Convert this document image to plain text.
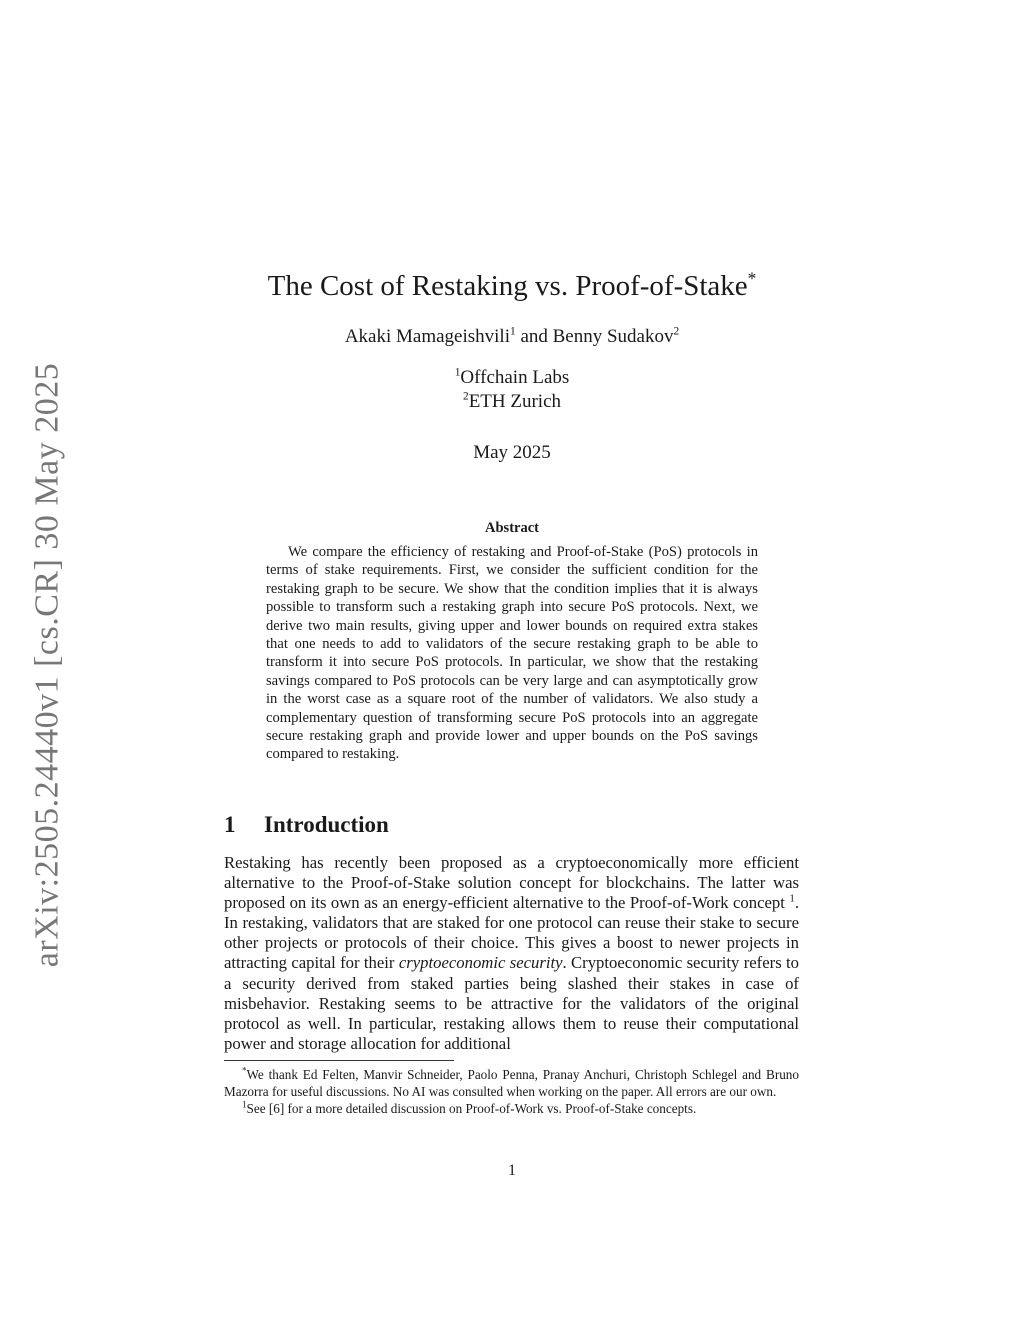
arXiv:2505.24440v1 [cs.CR] 30 May 2025
The Cost of Restaking vs. Proof-of-Stake*
Akaki Mamageishvili$^1$ and Benny Sudakov$^2$
$^1$Offchain Labs
$^2$ETH Zurich
May 2025
Abstract

We compare the efficiency of restaking and Proof-of-Stake (PoS) protocols in terms of stake requirements. First, we consider the sufficient condition for the restaking graph to be secure. We show that the condition implies that it is always possible to transform such a restaking graph into secure PoS protocols. Next, we derive two main results, giving upper and lower bounds on required extra stakes that one needs to add to validators of the secure restaking graph to be able to transform it into secure PoS protocols. In particular, we show that the restaking savings compared to PoS protocols can be very large and can asymptotically grow in the worst case as a square root of the number of validators. We also study a complementary question of transforming secure PoS protocols into an aggregate secure restaking graph and provide lower and upper bounds on the PoS savings compared to restaking.

1 Introduction

Restaking has recently been proposed as a cryptoeconomically more efficient alternative to the Proof-of-Stake solution concept for blockchains. The latter was proposed on its own as an energy-efficient alternative to the Proof-of-Work concept $^1$. In restaking, validators that are staked for one protocol can reuse their stake to secure other projects or protocols of their choice. This gives a boost to newer projects in attracting capital for their cryptoeconomic security. Cryptoeconomic security refers to a security derived from staked parties being slashed their stakes in case of misbehavior. Restaking seems to be attractive for the validators of the original protocol as well. In particular, restaking allows them to reuse their computational power and storage allocation for additional

*We thank Ed Felten, Manvir Schneider, Paolo Penna, Pranay Anchuri, Christoph Schlegel and Bruno Mazorra for useful discussions. No AI was consulted when working on the paper. All errors are our own.

$^1$See [6] for a more detailed discussion on Proof-of-Work vs. Proof-of-Stake concepts.

1
